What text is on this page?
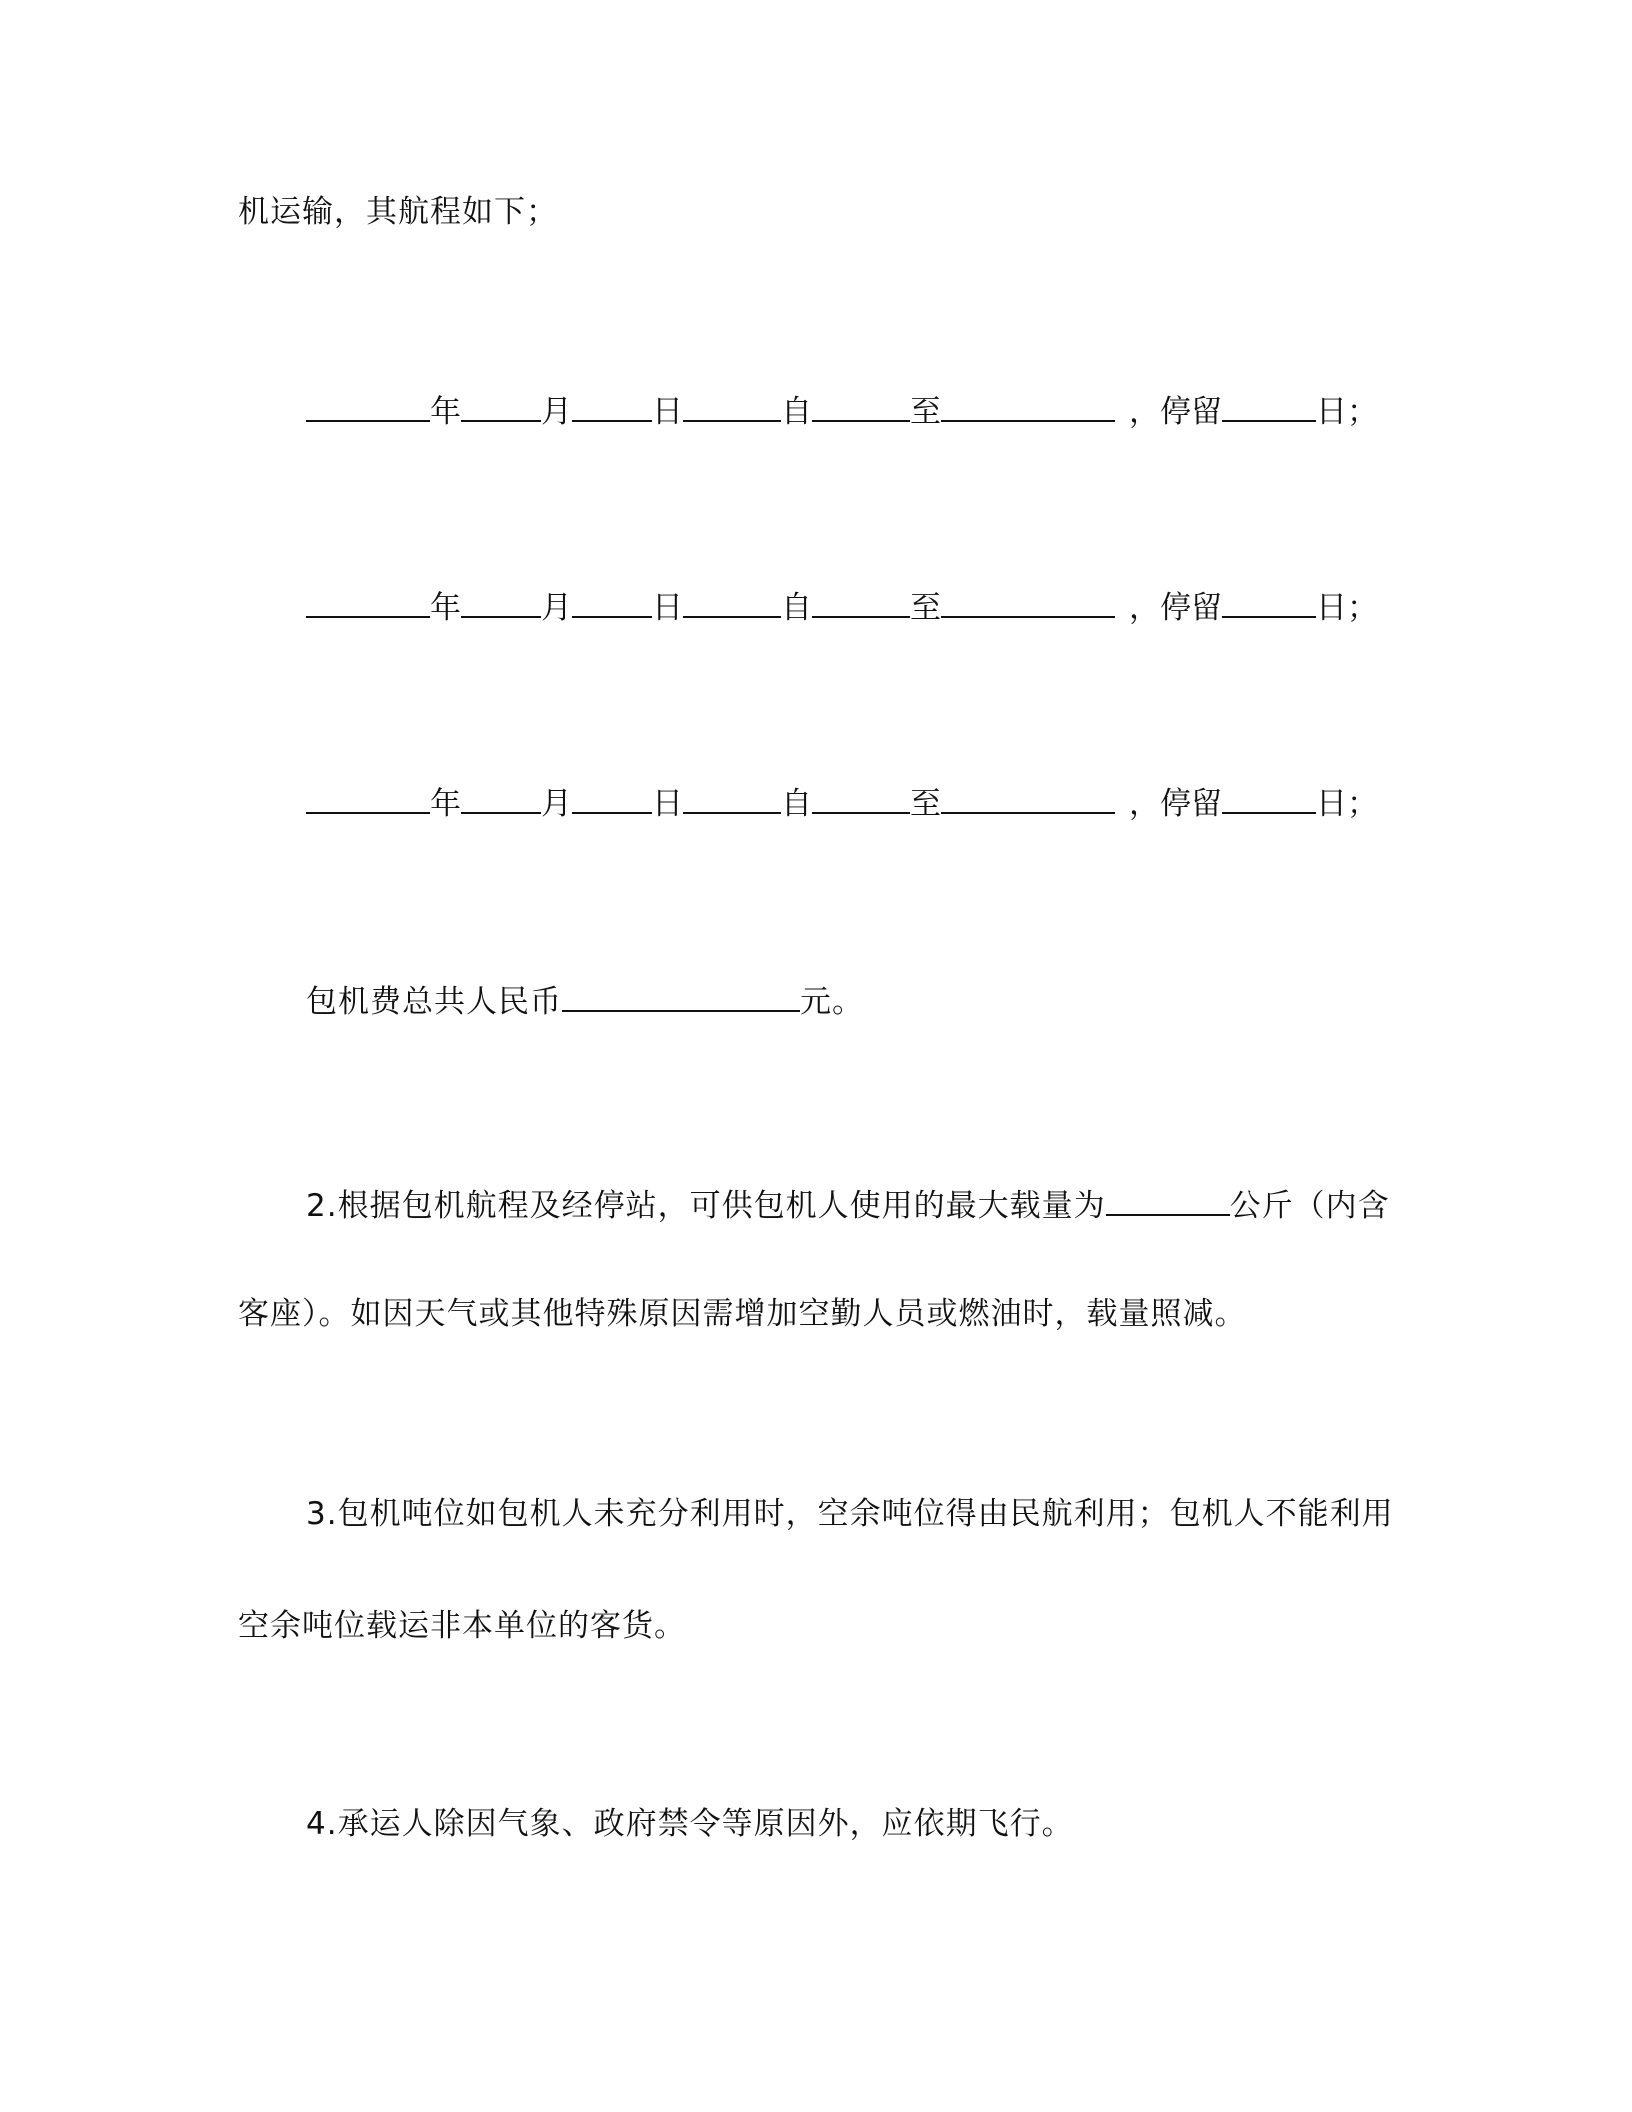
机运输，其航程如下；
年	月	日	自	至	，停留	日；
年	月	日	自	至	，停留	日；
年	月	日	自	至	，停留	日；
包机费总共人民币	元。
2.根据包机航程及经停站，可供包机人使用的最大载量为	公斤（内含
客座）。如因天气或其他特殊原因需增加空勤人员或燃油时，载量照减。
3.包机吨位如包机人未充分利用时，空余吨位得由民航利用；包机人不能利用
空余吨位载运非本单位的客货。
4.承运人除因气象、政府禁令等原因外，应依期飞行。
